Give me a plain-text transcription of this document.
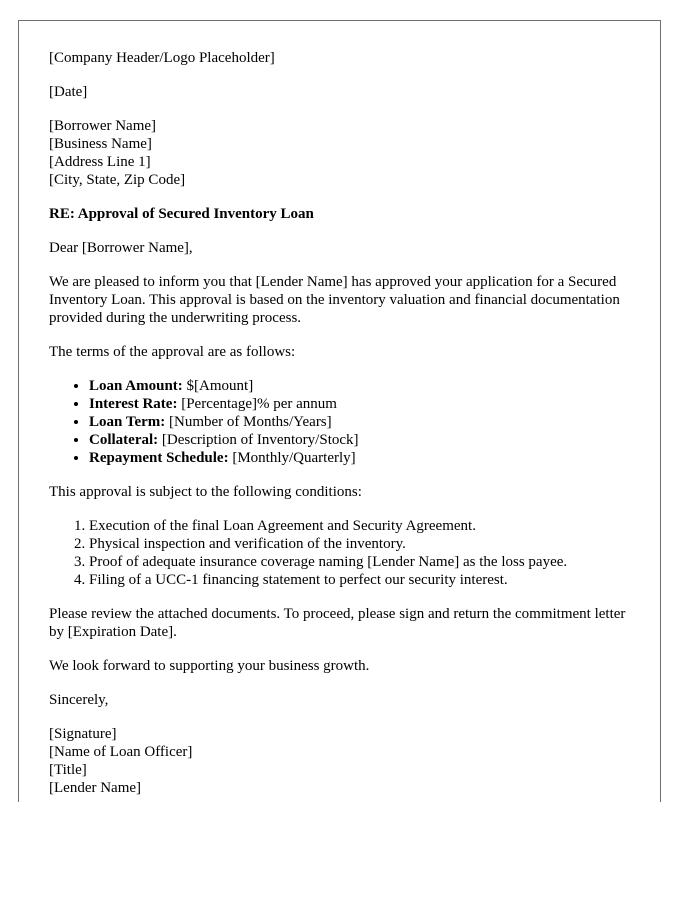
[Company Header/Logo Placeholder]

[Date]

[Borrower Name]
[Business Name]
[Address Line 1]
[City, State, Zip Code]

RE: Approval of Secured Inventory Loan

Dear [Borrower Name],

We are pleased to inform you that [Lender Name] has approved your application for a Secured Inventory Loan. This approval is based on the inventory valuation and financial documentation provided during the underwriting process.

The terms of the approval are as follows:

• Loan Amount: $[Amount]
• Interest Rate: [Percentage]% per annum
• Loan Term: [Number of Months/Years]
• Collateral: [Description of Inventory/Stock]
• Repayment Schedule: [Monthly/Quarterly]

This approval is subject to the following conditions:

1. Execution of the final Loan Agreement and Security Agreement.
2. Physical inspection and verification of the inventory.
3. Proof of adequate insurance coverage naming [Lender Name] as the loss payee.
4. Filing of a UCC-1 financing statement to perfect our security interest.

Please review the attached documents. To proceed, please sign and return the commitment letter by [Expiration Date].

We look forward to supporting your business growth.

Sincerely,

[Signature]
[Name of Loan Officer]
[Title]
[Lender Name]
